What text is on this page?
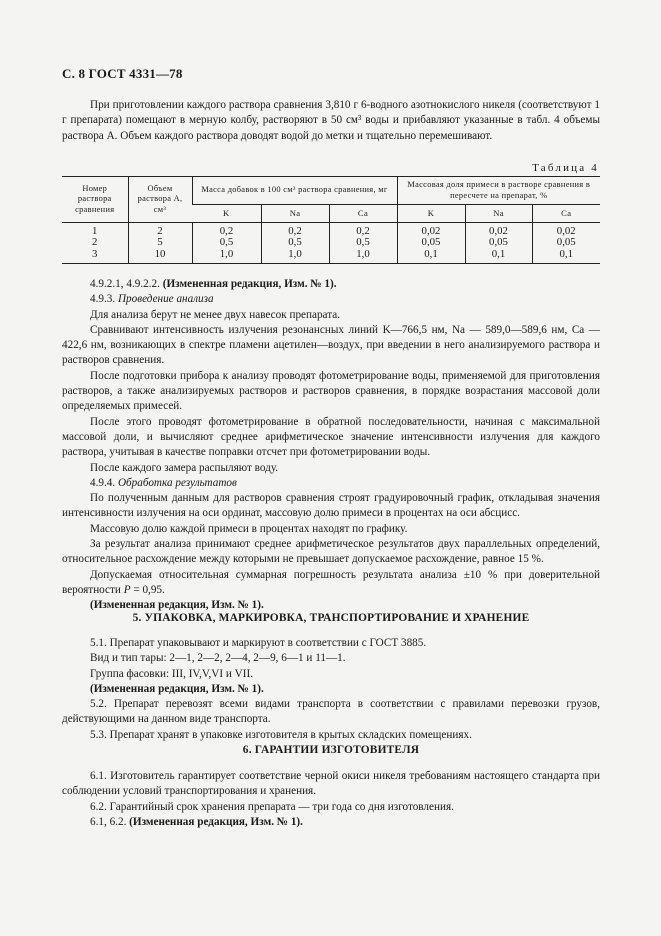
С. 8 ГОСТ 4331—78

При приготовлении каждого раствора сравнения 3,810 г 6-водного азотнокислого никеля (соответствуют 1 г препарата) помещают в мерную колбу, растворяют в 50 см³ воды и прибавляют указанные в табл. 4 объемы раствора А. Объем каждого раствора доводят водой до метки и тщательно перемешивают.

Таблица 4
Номер раствора сравнения	Объем раствора А, см³	Масса добавок в 100 см³ раствора сравнения, мг			Массовая доля примеси в растворе сравнения в пересчете на препарат, %		
		K	Na	Ca	K	Na	Ca
1	2	0,2	0,2	0,2	0,02	0,02	0,02
2	5	0,5	0,5	0,5	0,05	0,05	0,05
3	10	1,0	1,0	1,0	0,1	0,1	0,1

4.9.2.1, 4.9.2.2. (Измененная редакция, Изм. № 1).

4.9.3. Проведение анализа

Для анализа берут не менее двух навесок препарата.

Сравнивают интенсивность излучения резонансных линий K—766,5 нм, Na — 589,0—589,6 нм, Ca — 422,6 нм, возникающих в спектре пламени ацетилен—воздух, при введении в него анализируемого раствора и растворов сравнения.

После подготовки прибора к анализу проводят фотометрирование воды, применяемой для приготовления растворов, а также анализируемых растворов и растворов сравнения, в порядке возрастания массовой доли определяемых примесей.

После этого проводят фотометрирование в обратной последовательности, начиная с максимальной массовой доли, и вычисляют среднее арифметическое значение интенсивности излучения для каждого раствора, учитывая в качестве поправки отсчет при фотометрировании воды.

После каждого замера распыляют воду.

4.9.4. Обработка результатов

По полученным данным для растворов сравнения строят градуировочный график, откладывая значения интенсивности излучения на оси ординат, массовую долю примеси в процентах на оси абсцисс.

Массовую долю каждой примеси в процентах находят по графику.

За результат анализа принимают среднее арифметическое результатов двух параллельных определений, относительное расхождение между которыми не превышает допускаемое расхождение, равное 15 %.

Допускаемая относительная суммарная погрешность результата анализа ±10 % при доверительной вероятности P = 0,95.

(Измененная редакция, Изм. № 1).

5. УПАКОВКА, МАРКИРОВКА, ТРАНСПОРТИРОВАНИЕ И ХРАНЕНИЕ

5.1. Препарат упаковывают и маркируют в соответствии с ГОСТ 3885.

Вид и тип тары: 2—1, 2—2, 2—4, 2—9, 6—1 и 11—1.

Группа фасовки: III, IV,V,VI и VII.

(Измененная редакция, Изм. № 1).

5.2. Препарат перевозят всеми видами транспорта в соответствии с правилами перевозки грузов, действующими на данном виде транспорта.

5.3. Препарат хранят в упаковке изготовителя в крытых складских помещениях.

6. ГАРАНТИИ ИЗГОТОВИТЕЛЯ

6.1. Изготовитель гарантирует соответствие черной окиси никеля требованиям настоящего стандарта при соблюдении условий транспортирования и хранения.

6.2. Гарантийный срок хранения препарата — три года со дня изготовления.

6.1, 6.2. (Измененная редакция, Изм. № 1).
